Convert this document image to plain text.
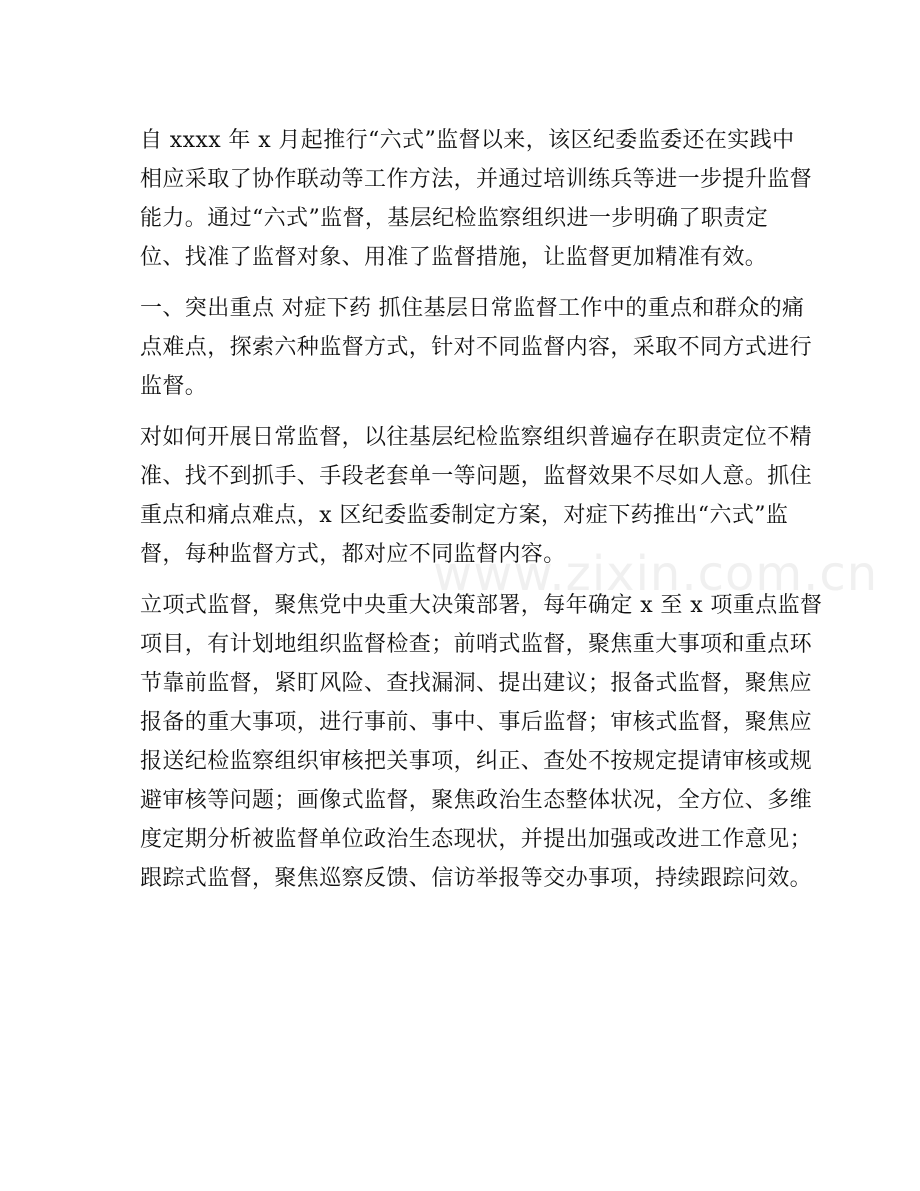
自 xxxx 年 x 月起推行“六式”监督以来，该区纪委监委还在实践中
相应采取了协作联动等工作方法，并通过培训练兵等进一步提升监督
能力。通过“六式”监督，基层纪检监察组织进一步明确了职责定
位、找准了监督对象、用准了监督措施，让监督更加精准有效。
一、突出重点 对症下药 抓住基层日常监督工作中的重点和群众的痛
点难点，探索六种监督方式，针对不同监督内容，采取不同方式进行
监督。
对如何开展日常监督，以往基层纪检监察组织普遍存在职责定位不精
准、找不到抓手、手段老套单一等问题，监督效果不尽如人意。抓住
重点和痛点难点，x 区纪委监委制定方案，对症下药推出“六式”监
督，每种监督方式，都对应不同监督内容。
立项式监督，聚焦党中央重大决策部署，每年确定 x 至 x 项重点监督
项目，有计划地组织监督检查；前哨式监督，聚焦重大事项和重点环
节靠前监督，紧盯风险、查找漏洞、提出建议；报备式监督，聚焦应
报备的重大事项，进行事前、事中、事后监督；审核式监督，聚焦应
报送纪检监察组织审核把关事项，纠正、查处不按规定提请审核或规
避审核等问题；画像式监督，聚焦政治生态整体状况，全方位、多维
度定期分析被监督单位政治生态现状，并提出加强或改进工作意见；
跟踪式监督，聚焦巡察反馈、信访举报等交办事项，持续跟踪问效。
www.zixin.com.cn
